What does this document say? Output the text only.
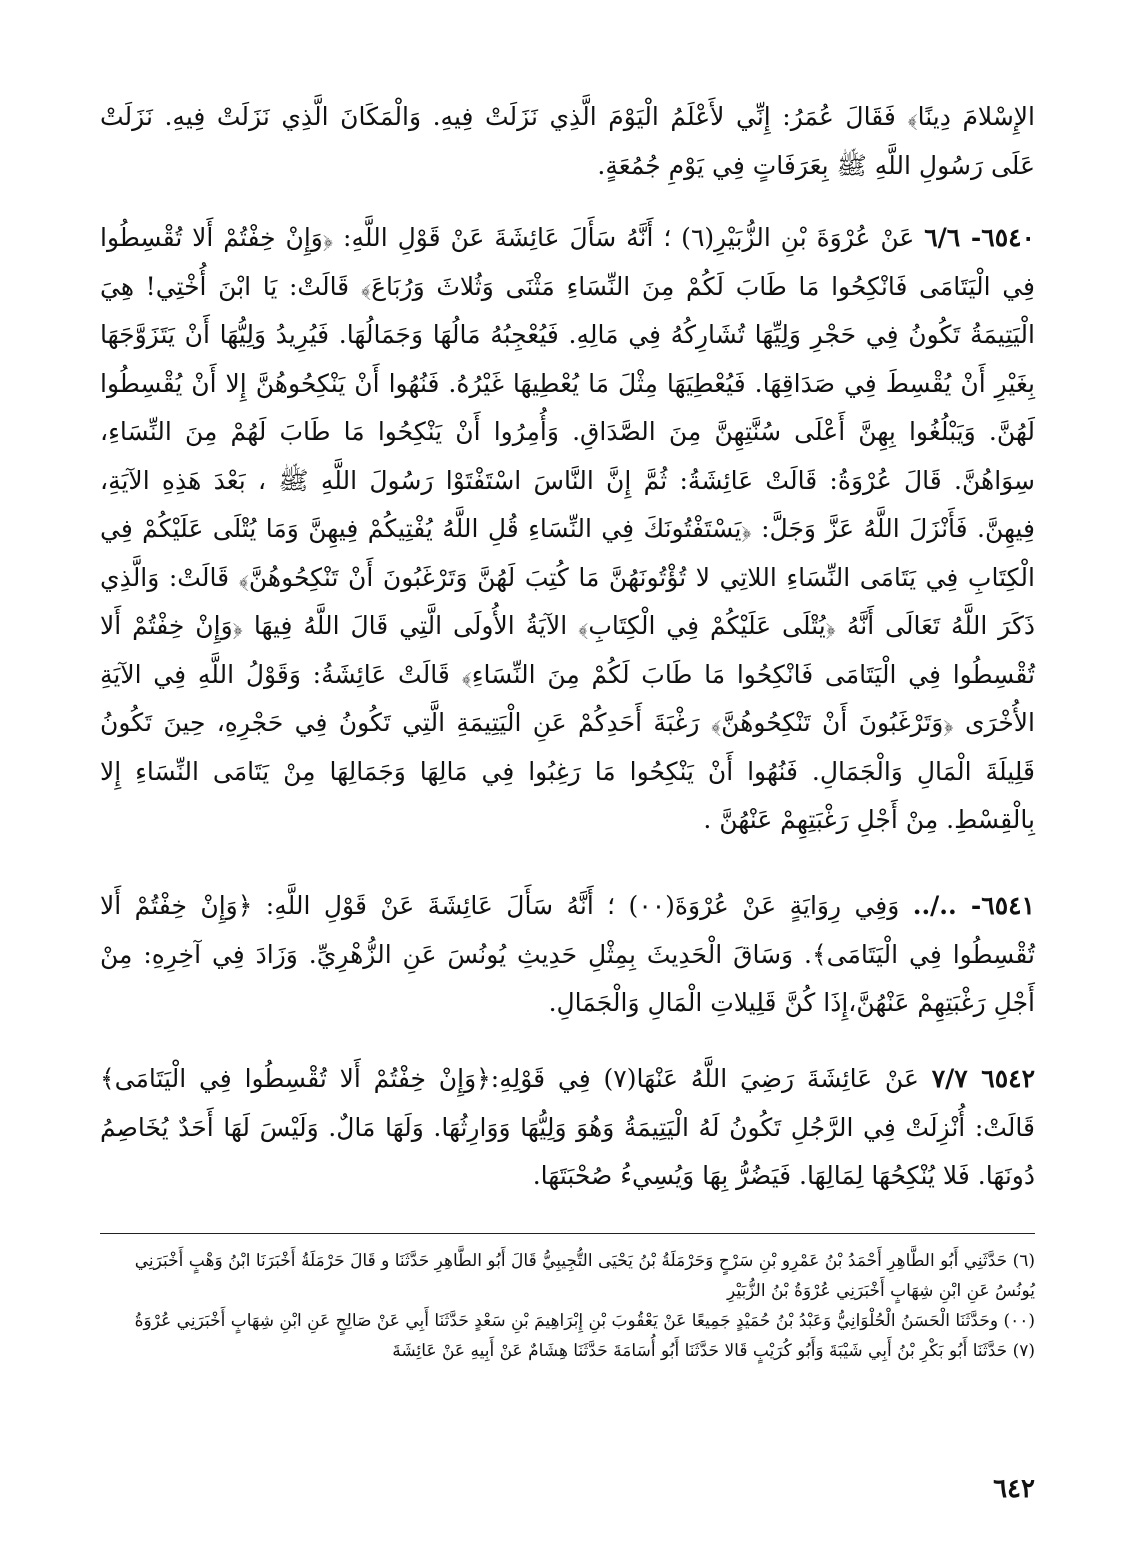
الإِسْلامَ دِينًا﴾ فَقَالَ عُمَرُ: إِنِّي لأَعْلَمُ الْيَوْمَ الَّذِي نَزَلَتْ فِيهِ. وَالْمَكَانَ الَّذِي نَزَلَتْ فِيهِ. نَزَلَتْ عَلَى رَسُولِ اللَّهِ ﷺ بِعَرَفَاتٍ فِي يَوْمِ جُمُعَةٍ.

٦٥٤٠- ٦/٦ عَنْ عُرْوَةَ بْنِ الزُّبَيْرِ(٦) ؛ أَنَّهُ سَأَلَ عَائِشَةَ عَنْ قَوْلِ اللَّهِ: ﴿وَإِنْ خِفْتُمْ أَلا تُقْسِطُوا فِي الْيَتَامَى فَانْكِحُوا مَا طَابَ لَكُمْ مِنَ النِّسَاءِ مَثْنَى وَثُلاثَ وَرُبَاعَ﴾ قَالَتْ: يَا ابْنَ أُخْتِي! هِيَ الْيَتِيمَةُ تَكُونُ فِي حَجْرِ وَلِيِّهَا تُشَارِكُهُ فِي مَالِهِ. فَيُعْجِبُهُ مَالُهَا وَجَمَالُهَا. فَيُرِيدُ وَلِيُّهَا أَنْ يَتَزَوَّجَهَا بِغَيْرِ أَنْ يُقْسِطَ فِي صَدَاقِهَا. فَيُعْطِيَهَا مِثْلَ مَا يُعْطِيهَا غَيْرُهُ. فَنُهُوا أَنْ يَنْكِحُوهُنَّ إِلا أَنْ يُقْسِطُوا لَهُنَّ. وَيَبْلُغُوا بِهِنَّ أَعْلَى سُنَّتِهِنَّ مِنَ الصَّدَاقِ. وَأُمِرُوا أَنْ يَنْكِحُوا مَا طَابَ لَهُمْ مِنَ النِّسَاءِ، سِوَاهُنَّ. قَالَ عُرْوَةُ: قَالَتْ عَائِشَةُ: ثُمَّ إِنَّ النَّاسَ اسْتَفْتَوْا رَسُولَ اللَّهِ ﷺ ، بَعْدَ هَذِهِ الآيَةِ، فِيهِنَّ. فَأَنْزَلَ اللَّهُ عَزَّ وَجَلَّ: ﴿يَسْتَفْتُونَكَ فِي النِّسَاءِ قُلِ اللَّهُ يُفْتِيكُمْ فِيهِنَّ وَمَا يُتْلَى عَلَيْكُمْ فِي الْكِتَابِ فِي يَتَامَى النِّسَاءِ اللاتِي لا تُؤْتُونَهُنَّ مَا كُتِبَ لَهُنَّ وَتَرْغَبُونَ أَنْ تَنْكِحُوهُنَّ﴾ قَالَتْ: وَالَّذِي ذَكَرَ اللَّهُ تَعَالَى أَنَّهُ ﴿يُتْلَى عَلَيْكُمْ فِي الْكِتَابِ﴾ الآيَةُ الأُولَى الَّتِي قَالَ اللَّهُ فِيهَا ﴿وَإِنْ خِفْتُمْ أَلا تُقْسِطُوا فِي الْيَتَامَى فَانْكِحُوا مَا طَابَ لَكُمْ مِنَ النِّسَاءِ﴾ قَالَتْ عَائِشَةُ: وَقَوْلُ اللَّهِ فِي الآيَةِ الأُخْرَى ﴿وَتَرْغَبُونَ أَنْ تَنْكِحُوهُنَّ﴾ رَغْبَةَ أَحَدِكُمْ عَنِ الْيَتِيمَةِ الَّتِي تَكُونُ فِي حَجْرِهِ، حِينَ تَكُونُ قَلِيلَةَ الْمَالِ وَالْجَمَالِ. فَنُهُوا أَنْ يَنْكِحُوا مَا رَغِبُوا فِي مَالِهَا وَجَمَالِهَا مِنْ يَتَامَى النِّسَاءِ إِلا بِالْقِسْطِ. مِنْ أَجْلِ رَغْبَتِهِمْ عَنْهُنَّ .

٦٥٤١- ../.. وَفِي رِوَايَةٍ عَنْ عُرْوَةَ(٠٠) ؛ أَنَّهُ سَأَلَ عَائِشَةَ عَنْ قَوْلِ اللَّهِ: ﴿وَإِنْ خِفْتُمْ أَلا تُقْسِطُوا فِي الْيَتَامَى﴾. وَسَاقَ الْحَدِيثَ بِمِثْلِ حَدِيثِ يُونُسَ عَنِ الزُّهْرِيِّ. وَزَادَ فِي آخِرِهِ: مِنْ أَجْلِ رَغْبَتِهِمْ عَنْهُنَّ،إِذَا كُنَّ قَلِيلاتِ الْمَالِ وَالْجَمَالِ.

٦٥٤٢ ٧/٧ عَنْ عَائِشَةَ رَضِيَ اللَّهُ عَنْهَا(٧) فِي قَوْلِهِ:﴿وَإِنْ خِفْتُمْ أَلا تُقْسِطُوا فِي الْيَتَامَى﴾ قَالَتْ: أُنْزِلَتْ فِي الرَّجُلِ تَكُونُ لَهُ الْيَتِيمَةُ وَهُوَ وَلِيُّهَا وَوَارِثُهَا. وَلَهَا مَالٌ. وَلَيْسَ لَهَا أَحَدٌ يُخَاصِمُ دُونَهَا. فَلا يُنْكِحُهَا لِمَالِهَا. فَيَضُرُّ بِهَا وَيُسِيءُ صُحْبَتَهَا.

(٦) حَدَّثَنِي أَبُو الطَّاهِرِ أَحْمَدُ بْنُ عَمْرِو بْنِ سَرْحٍ وَحَرْمَلَةُ بْنُ يَحْيَى التُّجِيبِيُّ قَالَ أَبُو الطَّاهِرِ حَدَّثَنَا و قَالَ حَرْمَلَةُ أَخْبَرَنَا ابْنُ وَهْبٍ أَخْبَرَنِي يُونُسُ عَنِ ابْنِ شِهَابٍ أَخْبَرَنِي عُرْوَةُ بْنُ الزُّبَيْرِ

(٠٠) وحَدَّثَنَا الْحَسَنُ الْحُلْوَانِيُّ وَعَبْدُ بْنُ حُمَيْدٍ جَمِيعًا عَنْ يَعْقُوبَ بْنِ إِبْرَاهِيمَ بْنِ سَعْدٍ حَدَّثَنَا أَبِي عَنْ صَالِحٍ عَنِ ابْنِ شِهَابٍ أَخْبَرَنِي عُرْوَةُ

(٧) حَدَّثَنَا أَبُو بَكْرِ بْنُ أَبِي شَيْبَةَ وَأَبُو كُرَيْبٍ قَالا حَدَّثَنَا أَبُو أُسَامَةَ حَدَّثَنَا هِشَامٌ عَنْ أَبِيهِ عَنْ عَائِشَةَ

٦٤٢
